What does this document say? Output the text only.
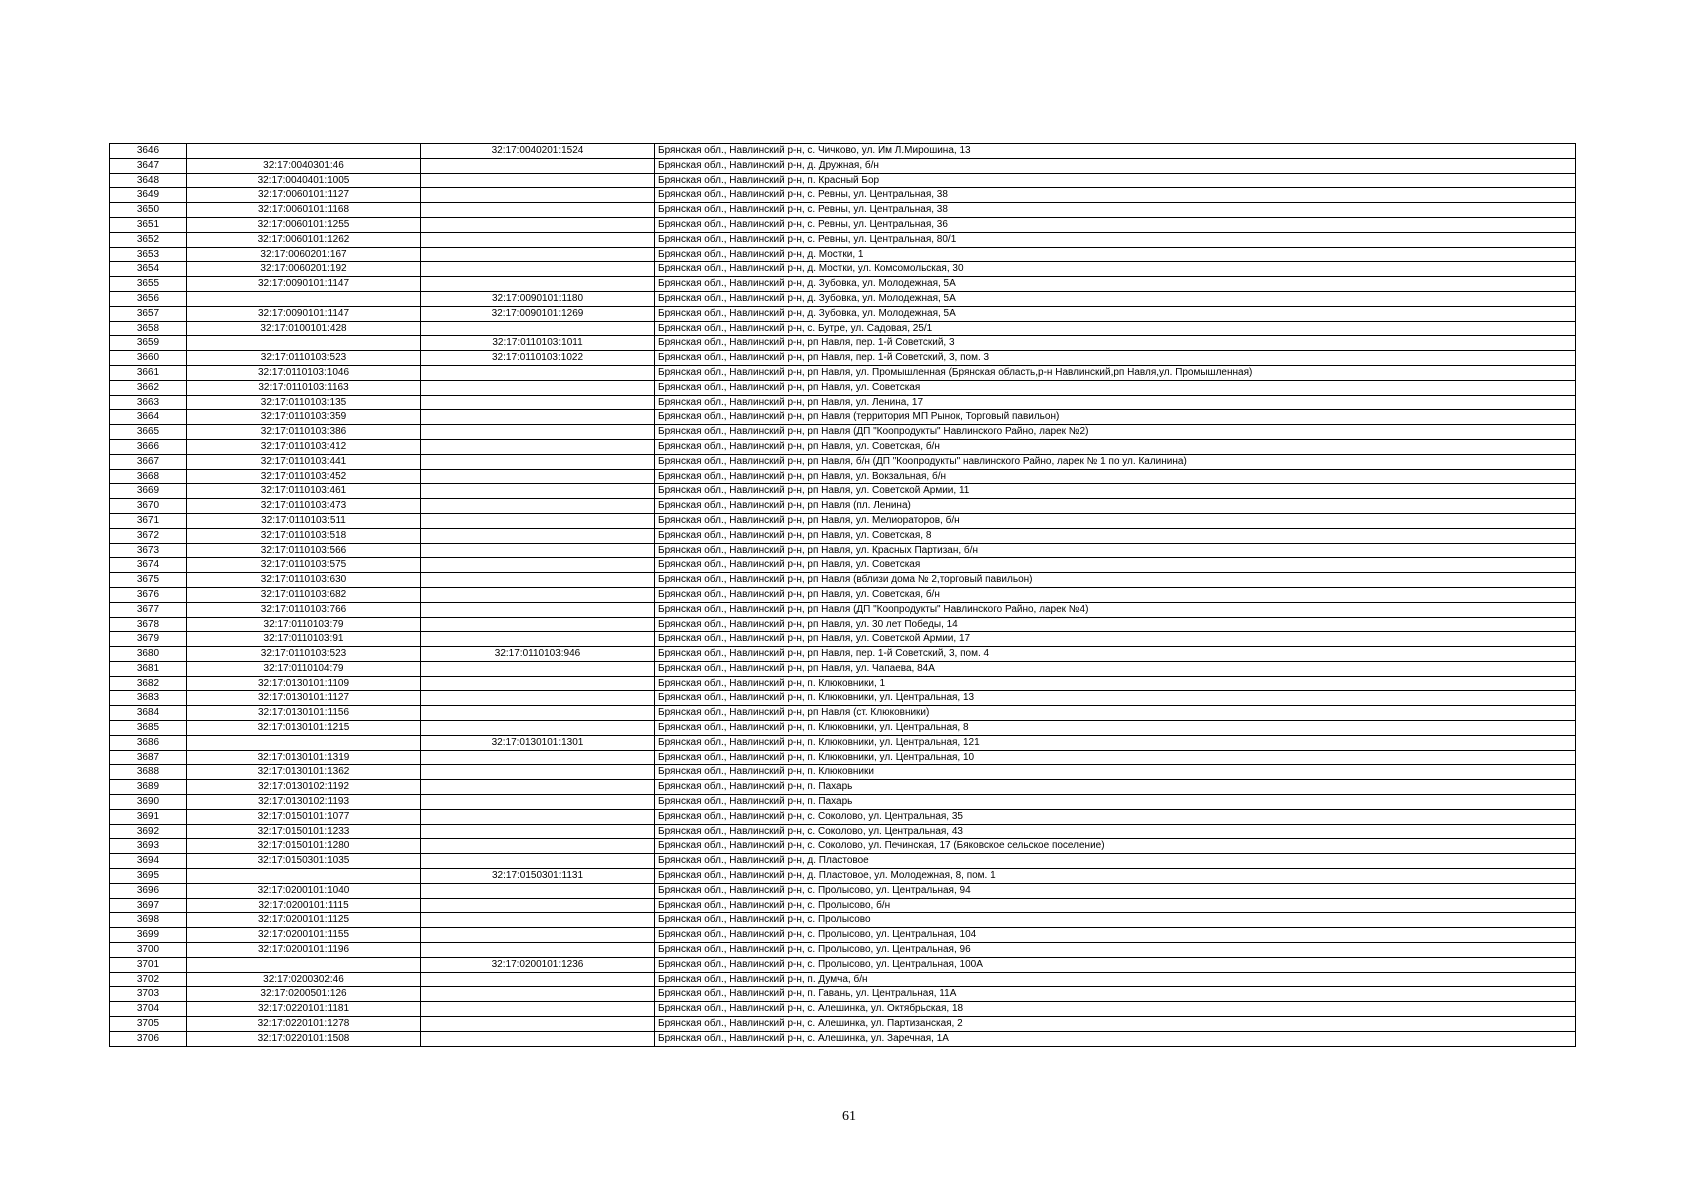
3646		32:17:0040201:1524	Брянская обл., Навлинский р-н, с. Чичково, ул. Им Л.Мирошина, 13
3647	32:17:0040301:46		Брянская обл., Навлинский р-н, д. Дружная, б/н
3648	32:17:0040401:1005		Брянская обл., Навлинский р-н, п. Красный Бор
3649	32:17:0060101:1127		Брянская обл., Навлинский р-н, с. Ревны, ул. Центральная, 38
3650	32:17:0060101:1168		Брянская обл., Навлинский р-н, с. Ревны, ул. Центральная, 38
3651	32:17:0060101:1255		Брянская обл., Навлинский р-н, с. Ревны, ул. Центральная, 36
3652	32:17:0060101:1262		Брянская обл., Навлинский р-н, с. Ревны, ул. Центральная, 80/1
3653	32:17:0060201:167		Брянская обл., Навлинский р-н, д. Мостки, 1
3654	32:17:0060201:192		Брянская обл., Навлинский р-н, д. Мостки, ул. Комсомольская, 30
3655	32:17:0090101:1147		Брянская обл., Навлинский р-н, д. Зубовка, ул. Молодежная, 5А
3656		32:17:0090101:1180	Брянская обл., Навлинский р-н, д. Зубовка, ул. Молодежная, 5А
3657	32:17:0090101:1147	32:17:0090101:1269	Брянская обл., Навлинский р-н, д. Зубовка, ул. Молодежная, 5А
3658	32:17:0100101:428		Брянская обл., Навлинский р-н, с. Бутре, ул. Садовая, 25/1
3659		32:17:0110103:1011	Брянская обл., Навлинский р-н, рп Навля, пер. 1-й Советский, 3
3660	32:17:0110103:523	32:17:0110103:1022	Брянская обл., Навлинский р-н, рп Навля, пер. 1-й Советский, 3, пом. 3
3661	32:17:0110103:1046		Брянская обл., Навлинский р-н, рп Навля, ул. Промышленная (Брянская область,р-н Навлинский,рп Навля,ул. Промышленная)
3662	32:17:0110103:1163		Брянская обл., Навлинский р-н, рп Навля, ул. Советская
3663	32:17:0110103:135		Брянская обл., Навлинский р-н, рп Навля, ул. Ленина, 17
3664	32:17:0110103:359		Брянская обл., Навлинский р-н, рп Навля (территория МП Рынок, Торговый павильон)
3665	32:17:0110103:386		Брянская обл., Навлинский р-н, рп Навля (ДП "Коопродукты" Навлинского Райно, ларек №2)
3666	32:17:0110103:412		Брянская обл., Навлинский р-н, рп Навля, ул. Советская, б/н
3667	32:17:0110103:441		Брянская обл., Навлинский р-н, рп Навля, б/н (ДП "Коопродукты" навлинского Райно, ларек № 1 по ул. Калинина)
3668	32:17:0110103:452		Брянская обл., Навлинский р-н, рп Навля, ул. Вокзальная, б/н
3669	32:17:0110103:461		Брянская обл., Навлинский р-н, рп Навля, ул. Советской Армии, 11
3670	32:17:0110103:473		Брянская обл., Навлинский р-н, рп Навля (пл. Ленина)
3671	32:17:0110103:511		Брянская обл., Навлинский р-н, рп Навля, ул. Мелиораторов, б/н
3672	32:17:0110103:518		Брянская обл., Навлинский р-н, рп Навля, ул. Советская, 8
3673	32:17:0110103:566		Брянская обл., Навлинский р-н, рп Навля, ул. Красных Партизан, б/н
3674	32:17:0110103:575		Брянская обл., Навлинский р-н, рп Навля, ул. Советская
3675	32:17:0110103:630		Брянская обл., Навлинский р-н, рп Навля (вблизи дома № 2,торговый павильон)
3676	32:17:0110103:682		Брянская обл., Навлинский р-н, рп Навля, ул. Советская, б/н
3677	32:17:0110103:766		Брянская обл., Навлинский р-н, рп Навля (ДП "Коопродукты" Навлинского Райно, ларек №4)
3678	32:17:0110103:79		Брянская обл., Навлинский р-н, рп Навля, ул. 30 лет Победы, 14
3679	32:17:0110103:91		Брянская обл., Навлинский р-н, рп Навля, ул. Советской Армии, 17
3680	32:17:0110103:523	32:17:0110103:946	Брянская обл., Навлинский р-н, рп Навля, пер. 1-й Советский, 3, пом. 4
3681	32:17:0110104:79		Брянская обл., Навлинский р-н, рп Навля, ул. Чапаева, 84А
3682	32:17:0130101:1109		Брянская обл., Навлинский р-н, п. Клюковники, 1
3683	32:17:0130101:1127		Брянская обл., Навлинский р-н, п. Клюковники, ул. Центральная, 13
3684	32:17:0130101:1156		Брянская обл., Навлинский р-н, рп Навля (ст. Клюковники)
3685	32:17:0130101:1215		Брянская обл., Навлинский р-н, п. Клюковники, ул. Центральная, 8
3686		32:17:0130101:1301	Брянская обл., Навлинский р-н, п. Клюковники, ул. Центральная, 121
3687	32:17:0130101:1319		Брянская обл., Навлинский р-н, п. Клюковники, ул. Центральная, 10
3688	32:17:0130101:1362		Брянская обл., Навлинский р-н, п. Клюковники
3689	32:17:0130102:1192		Брянская обл., Навлинский р-н, п. Пахарь
3690	32:17:0130102:1193		Брянская обл., Навлинский р-н, п. Пахарь
3691	32:17:0150101:1077		Брянская обл., Навлинский р-н, с. Соколово, ул. Центральная, 35
3692	32:17:0150101:1233		Брянская обл., Навлинский р-н, с. Соколово, ул. Центральная, 43
3693	32:17:0150101:1280		Брянская обл., Навлинский р-н, с. Соколово, ул. Печинская, 17 (Бяковское сельское поселение)
3694	32:17:0150301:1035		Брянская обл., Навлинский р-н, д. Пластовое
3695		32:17:0150301:1131	Брянская обл., Навлинский р-н, д. Пластовое, ул. Молодежная, 8, пом. 1
3696	32:17:0200101:1040		Брянская обл., Навлинский р-н, с. Пролысово, ул. Центральная, 94
3697	32:17:0200101:1115		Брянская обл., Навлинский р-н, с. Пролысово, б/н
3698	32:17:0200101:1125		Брянская обл., Навлинский р-н, с. Пролысово
3699	32:17:0200101:1155		Брянская обл., Навлинский р-н, с. Пролысово, ул. Центральная, 104
3700	32:17:0200101:1196		Брянская обл., Навлинский р-н, с. Пролысово, ул. Центральная, 96
3701		32:17:0200101:1236	Брянская обл., Навлинский р-н, с. Пролысово, ул. Центральная, 100А
3702	32:17:0200302:46		Брянская обл., Навлинский р-н, п. Думча, б/н
3703	32:17:0200501:126		Брянская обл., Навлинский р-н, п. Гавань, ул. Центральная, 11А
3704	32:17:0220101:1181		Брянская обл., Навлинский р-н, с. Алешинка, ул. Октябрьская, 18
3705	32:17:0220101:1278		Брянская обл., Навлинский р-н, с. Алешинка, ул. Партизанская, 2
3706	32:17:0220101:1508		Брянская обл., Навлинский р-н, с. Алешинка, ул. Заречная, 1А
61
